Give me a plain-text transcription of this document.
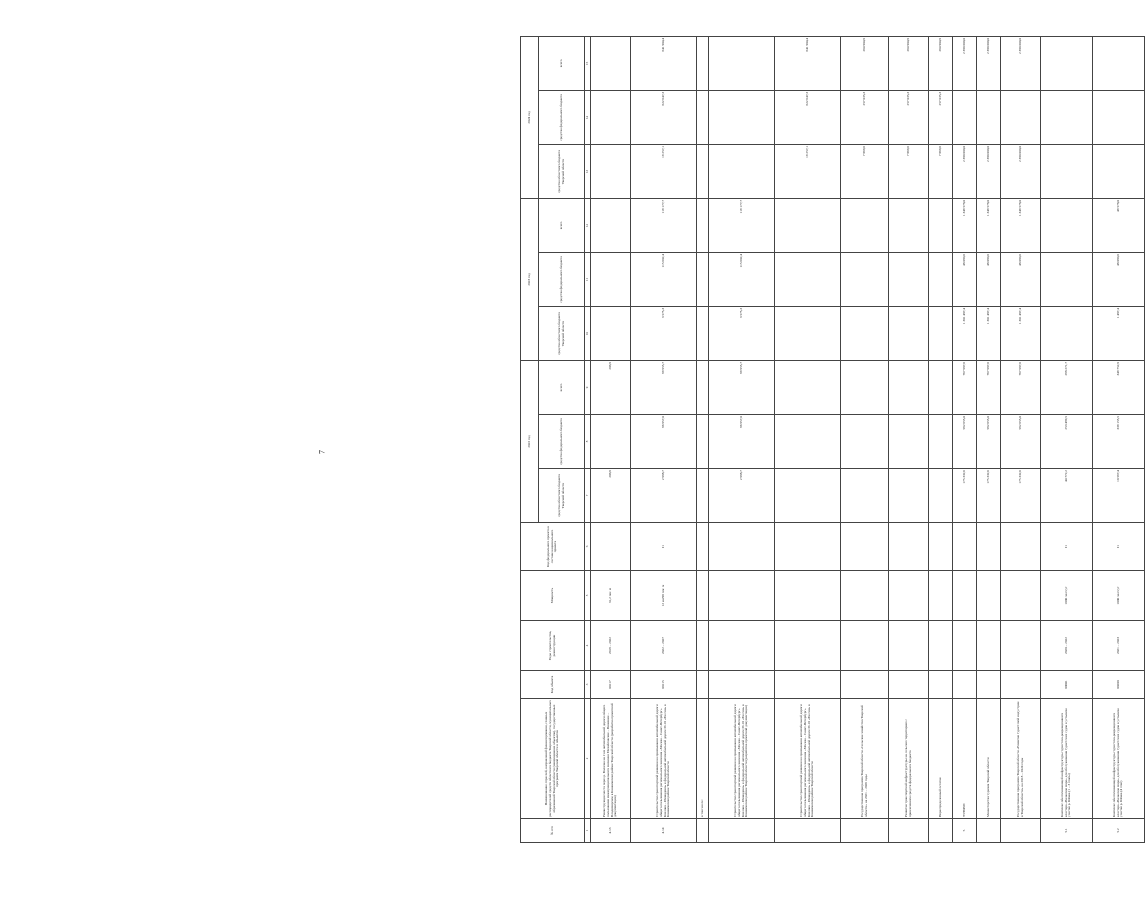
7
№ п/п	Наименование отраслей, направлений финансирования, главных распорядителей средств областного бюджета Тверской области, муниципальных образований Тверской области (наименование объектов), государственных программ Тверской области и объектов	Код объекта	Годы строительства, реконструкции	Мощность	Код федерального проекта в составе национального проекта	2022 год			2023 год			2024 год		
						средства областного бюджета Тверской области	средства федерального бюджета	всего	средства областного бюджета Тверской области	средства федерального бюджета	всего	средства областного бюджета Тверской области	средства федерального бюджета	всего
1	2	3	4	5	6	7	8	9	10	11	12	13	14	15
4.13	Реконструкция моста через р. Волочка на 2 км автомобильной дороги общего пользования межмуниципального значения Михайловское – Вишенки – Владимирское в Конаковском районе Тверской области (разработка проектной документации)	00117	2019 – 2022	31,2 пог. м		206,9		206,9						
4.14	Строительство транспортной развязки на примыкании автомобильной дороги общего пользования регионального значения «Москва – Санкт-Петербург» Козлово – Изоводово» к федеральной автомобильной дороге М-10 «Россия» в Конаковском районе Тверской области	00115	2022 – 2027	12 км/96 пог. м	I1	2 998,7	96 957,0	99 955,7	3 575,3	115 602,4	119 177,7	19 257,1	622 647,3	641 904,4
	в том числе:													
	Строительство транспортной развязки на примыкании автомобильной дороги общего пользования регионального значения «Москва – Санкт-Петербург» Козлово – Изоводово» к федеральной автомобильной дороге М-10 «Россия» в Конаковском районе Тверской области (разработка проектной документации)					2 998,7	96 957,0	99 955,7	3 575,3	115 602,4	119 177,7			
	Строительство транспортной развязки на примыкании автомобильной дороги общего пользования регионального значения «Москва – Санкт-Петербург» Козлово – Изоводово» к федеральной автомобильной дороге М-10 «Россия» в Конаковском районе Тверской области											19 257,1	622 647,3	641 904,4
	Государственная программа Тверской области «Сельское хозяйство Тверской области» на 2021 – 2026 годы											7 869,6	257 035,3	264 904,9
	Развитие транспортной инфраструктуры на сельских территориях с привлечением средств федерального бюджета											7 869,6	257 035,3	264 904,9
	Нераспределенный остаток											7 869,6	257 035,3	264 904,9
5	ТУРИЗМ					175 332,6	592 655,0	767 987,6	1 301 487,4	48 090,6	1 349 578,0	2 380 000,0		2 380 000,0
	Министерство туризма Тверской области					175 332,6	592 655,0	767 987,6	1 301 487,4	48 090,6	1 349 578,0	2 380 000,0		2 380 000,0
	Государственная программа Тверской области «Развитие туристской индустрии в Тверской области» на 2018 – 2024 годы					175 332,6	592 655,0	767 987,6	1 301 487,4	48 090,6	1 349 578,0	2 380 000,0		2 380 000,0
5.1	Комплекс обеспечивающей инфраструктуры туристско-рекреационного кластера «Волжское море» для обслуживания туристских судов в устьевом участке р. Шоша (1 – 3 этапы)	00001	2020 – 2022	1000 чел/сут	I1	44 772,2	253 499,5	298 271,7						
5.2	Комплекс обеспечивающей инфраструктуры туристско-рекреационного кластера «Волжское море» для обслуживания туристских судов в устьевом участке р. Шоша (4 этап)	00200	2021 – 2023	1000 чел/сут	I1	10 597,4	339 155,5	349 752,9	1 487,4	48 090,6	49 578,0			
